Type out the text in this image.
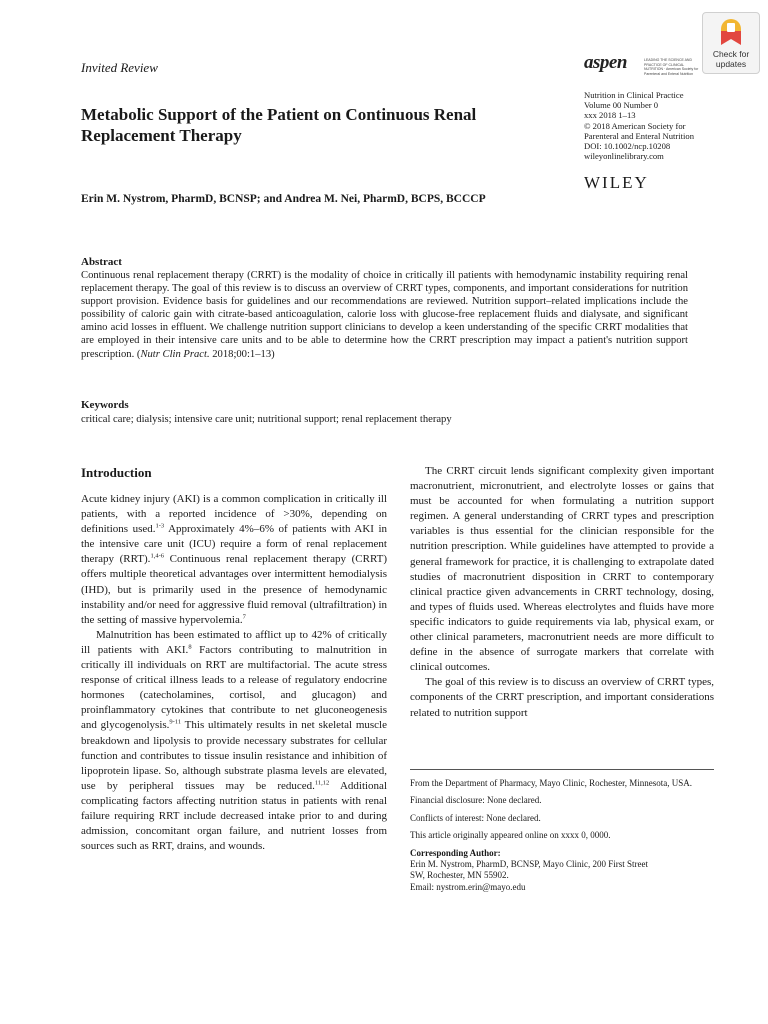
Invited Review	aspen	LEADING THE SCIENCE AND PRACTICE OF CLINICAL NUTRITION · American Society for Parenteral and Enteral Nutrition
Check for
updates
Nutrition in Clinical Practice
Volume 00 Number 0
xxx 2018 1–13
© 2018 American Society for
Parenteral and Enteral Nutrition
DOI: 10.1002/ncp.10208
wileyonlinelibrary.com
WILEY
Metabolic Support of the Patient on Continuous Renal Replacement Therapy
Erin M. Nystrom, PharmD, BCNSP; and Andrea M. Nei, PharmD, BCPS, BCCCP
Abstract

Continuous renal replacement therapy (CRRT) is the modality of choice in critically ill patients with hemodynamic instability requiring renal replacement therapy. The goal of this review is to discuss an overview of CRRT types, components, and important considerations for nutrition support provision. Evidence basis for guidelines and our recommendations are reviewed. Nutrition support–related implications include the possibility of caloric gain with citrate-based anticoagulation, calorie loss with glucose-free replacement fluids and dialysate, and significant amino acid losses in effluent. We challenge nutrition support clinicians to develop a keen understanding of the specific CRRT modalities that are employed in their intensive care units and to be able to determine how the CRRT prescription may impact a patient's nutrition support prescription. (Nutr Clin Pract. 2018;00:1–13)

Keywords
critical care; dialysis; intensive care unit; nutritional support; renal replacement therapy
Introduction

Acute kidney injury (AKI) is a common complication in critically ill patients, with a reported incidence of >30%, depending on definitions used.$^{1-3}$ Approximately 4%–6% of patients with AKI in the intensive care unit (ICU) require a form of renal replacement therapy (RRT).$^{1,4-6}$ Continuous renal replacement therapy (CRRT) offers multiple theoretical advantages over intermittent hemodialysis (IHD), but is primarily used in the presence of hemodynamic instability and/or need for aggressive fluid removal (ultrafiltration) in the setting of massive hypervolemia.$^7$

Malnutrition has been estimated to afflict up to 42% of critically ill patients with AKI.$^8$ Factors contributing to malnutrition in critically ill individuals on RRT are multifactorial. The acute stress response of critical illness leads to a release of regulatory endocrine hormones (catecholamines, cortisol, and glucagon) and proinflammatory cytokines that contribute to net gluconeogenesis and glycogenolysis.$^{9-11}$ This ultimately results in net skeletal muscle breakdown and lipolysis to provide necessary substrates for cellular function and contributes to tissue insulin resistance and inhibition of lipoprotein lipase. So, although substrate plasma levels are elevated, use by peripheral tissues may be reduced.$^{11,12}$ Additional complicating factors affecting nutrition status in patients with renal failure requiring RRT include decreased intake prior to and during admission, concomitant organ failure, and nutrient losses from sources such as RRT, drains, and wounds.

The CRRT circuit lends significant complexity given important macronutrient, micronutrient, and electrolyte losses or gains that must be accounted for when formulating a nutrition support regimen. A general understanding of CRRT types and prescription variables is thus essential for the clinician responsible for the nutrition prescription. While guidelines have attempted to provide a general framework for practice, it is challenging to extrapolate dated studies of macronutrient disposition in CRRT to contemporary clinical practice given advancements in CRRT technology, dosing, and types of fluids used. Whereas electrolytes and fluids have more specific indicators to guide requirements via lab, physical exam, or other clinical parameters, macronutrient needs are more difficult to define in the absence of surrogate markers that correlate with clinical outcomes.

The goal of this review is to discuss an overview of CRRT types, components of the CRRT prescription, and important considerations related to nutrition support

From the Department of Pharmacy, Mayo Clinic, Rochester, Minnesota, USA.

Financial disclosure: None declared.

Conflicts of interest: None declared.

This article originally appeared online on xxxx 0, 0000.

Corresponding Author:

Erin M. Nystrom, PharmD, BCNSP, Mayo Clinic, 200 First Street

SW, Rochester, MN 55902.

Email: nystrom.erin@mayo.edu
